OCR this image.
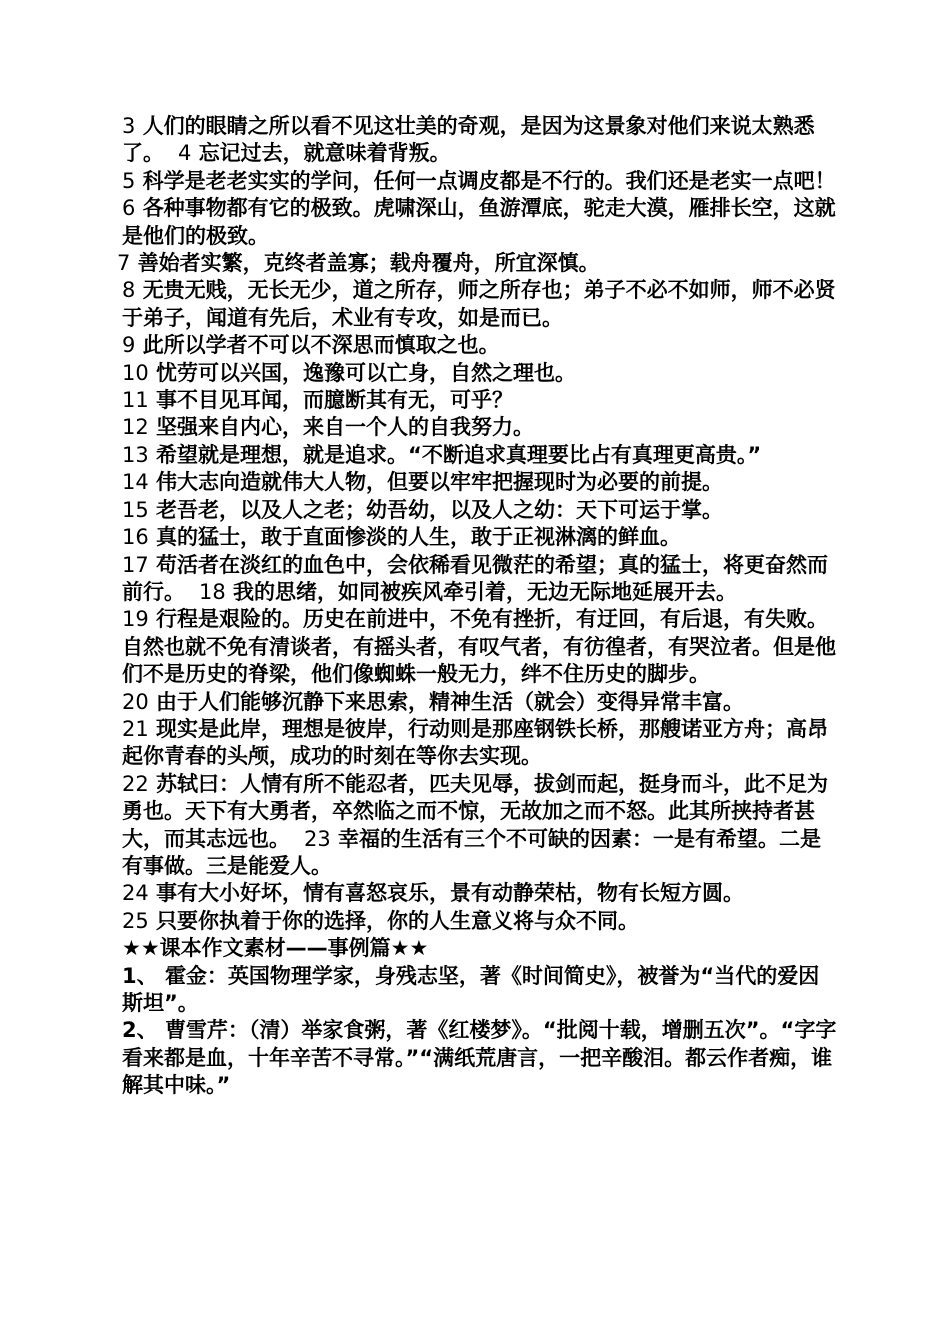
3 人们的眼睛之所以看不见这壮美的奇观，是因为这景象对他们来说太熟悉了。 4 忘记过去，就意味着背叛。

5 科学是老老实实的学问，任何一点调皮都是不行的。我们还是老实一点吧！

6 各种事物都有它的极致。虎啸深山，鱼游潭底，驼走大漠，雁排长空，这就是他们的极致。

7 善始者实繁，克终者盖寡；载舟覆舟，所宜深慎。

8 无贵无贱，无长无少，道之所存，师之所存也；弟子不必不如师，师不必贤于弟子，闻道有先后，术业有专攻，如是而已。

9 此所以学者不可以不深思而慎取之也。

10 忧劳可以兴国，逸豫可以亡身，自然之理也。

11 事不目见耳闻，而臆断其有无，可乎？

12 坚强来自内心，来自一个人的自我努力。

13 希望就是理想，就是追求。“不断追求真理要比占有真理更高贵。”

14 伟大志向造就伟大人物，但要以牢牢把握现时为必要的前提。

15 老吾老，以及人之老；幼吾幼，以及人之幼：天下可运于掌。

16 真的猛士，敢于直面惨淡的人生，敢于正视淋漓的鲜血。

17 苟活者在淡红的血色中，会依稀看见微茫的希望；真的猛士，将更奋然而前行。 18 我的思绪，如同被疾风牵引着，无边无际地延展开去。

19 行程是艰险的。历史在前进中，不免有挫折，有迂回，有后退，有失败。自然也就不免有清谈者，有摇头者，有叹气者，有彷徨者，有哭泣者。但是他们不是历史的脊梁，他们像蜘蛛一般无力，绊不住历史的脚步。

20 由于人们能够沉静下来思索，精神生活（就会）变得异常丰富。

21 现实是此岸，理想是彼岸，行动则是那座钢铁长桥，那艘诺亚方舟；高昂起你青春的头颅，成功的时刻在等你去实现。

22 苏轼曰：人情有所不能忍者，匹夫见辱，拔剑而起，挺身而斗，此不足为勇也。天下有大勇者，卒然临之而不惊，无故加之而不怒。此其所挟持者甚大，而其志远也。 23 幸福的生活有三个不可缺的因素：一是有希望。二是有事做。三是能爱人。

24 事有大小好坏，情有喜怒哀乐，景有动静荣枯，物有长短方圆。

25 只要你执着于你的选择，你的人生意义将与众不同。

★★课本作文素材——事例篇★★

1、 霍金：英国物理学家，身残志坚，著《时间简史》，被誉为“当代的爱因斯坦”。

2、 曹雪芹：（清）举家食粥，著《红楼梦》。“批阅十载，增删五次”。“字字看来都是血，十年辛苦不寻常。”“满纸荒唐言，一把辛酸泪。都云作者痴，谁解其中味。”
